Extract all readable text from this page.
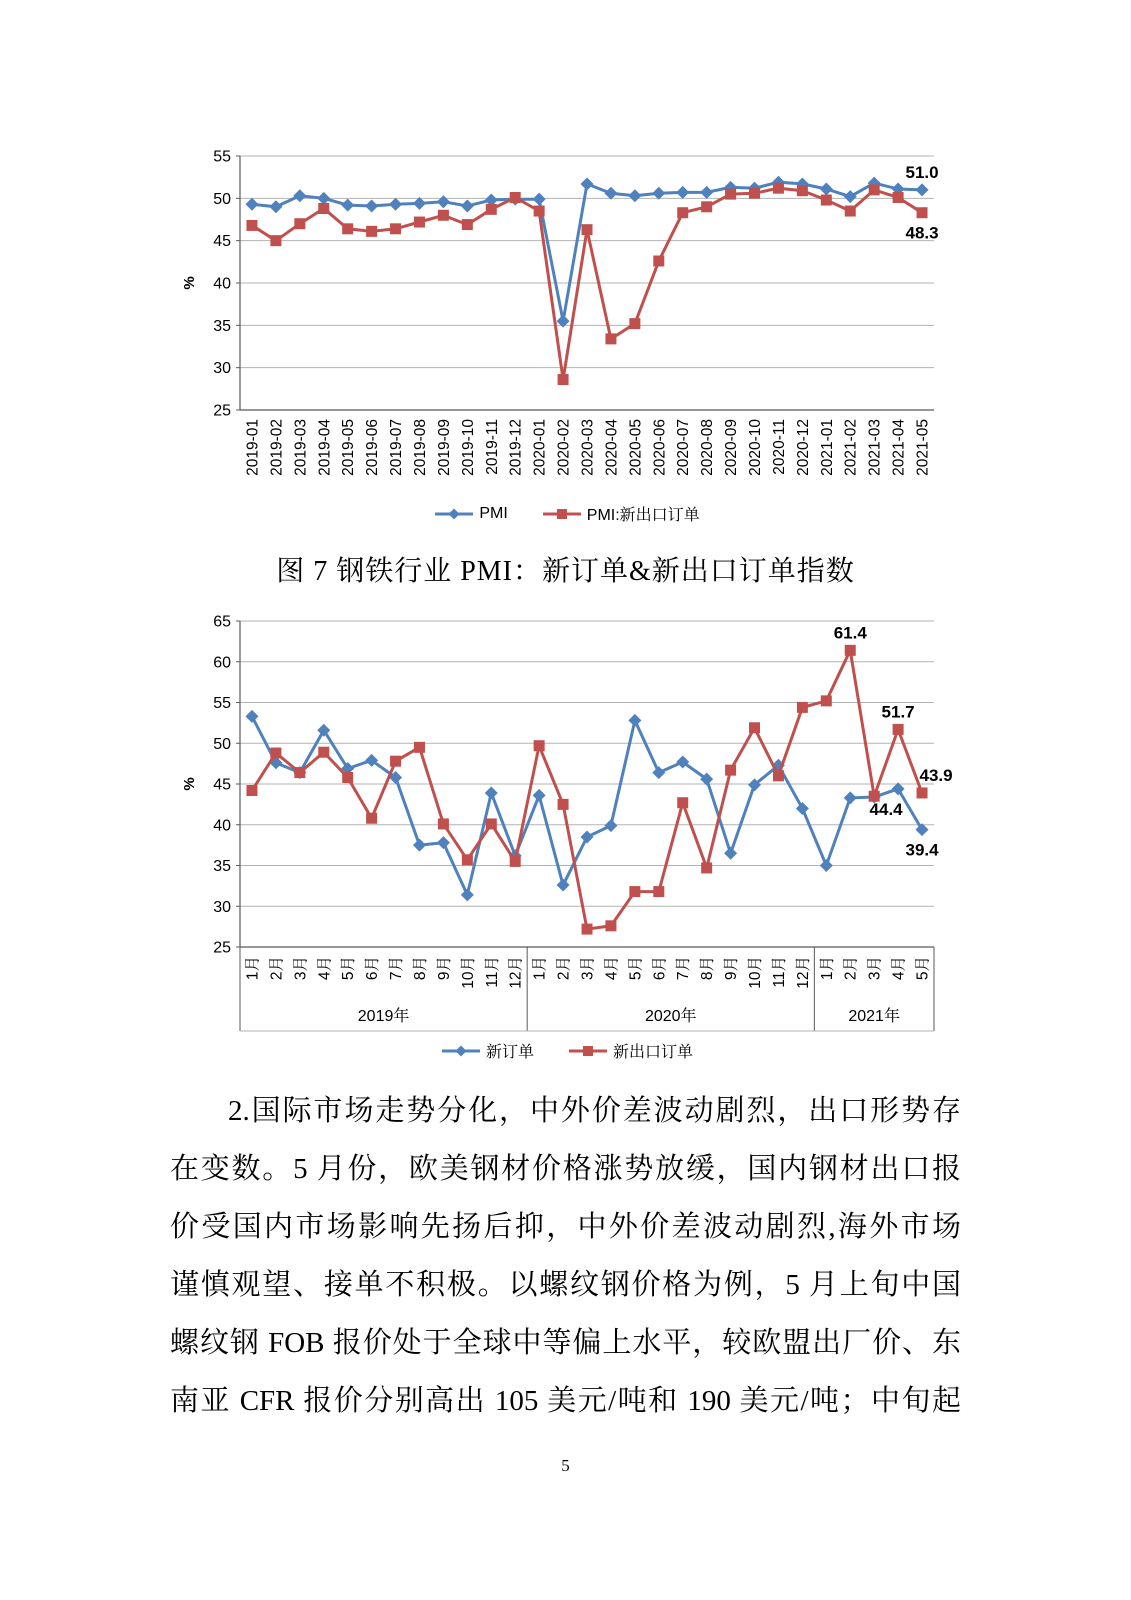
25
30
35
40
45
50
55
%
2019-01 2019-02 2019-03 2019-04 2019-05 2019-06 2019-07 2019-08 2019-09 2019-10 2019-11 2019-12 2020-01 2020-02 2020-03 2020-04 2020-05 2020-06 2020-07 2020-08 2020-09 2020-10 2020-11 2020-12 2021-01 2021-02 2021-03 2021-04 2021-05
51.0
48.3
PMI	PMI:新出口订单
图 7 钢铁行业 PMI：新订单&新出口订单指数
25
30
35
40
45
50
55
60
65
%
1月 2月 3月 4月 5月 6月 7月 8月 9月 10月 11月 12月 1月 2月 3月 4月 5月 6月 7月 8月 9月 10月 11月 12月 1月 2月 3月 4月 5月
2019年	2020年	2021年
61.4
51.7
43.9
44.4
39.4
新订单	新出口订单
2.国际市场走势分化，中外价差波动剧烈，出口形势存
在变数。5 月份，欧美钢材价格涨势放缓，国内钢材出口报
价受国内市场影响先扬后抑，中外价差波动剧烈,海外市场
谨慎观望、接单不积极。以螺纹钢价格为例，5 月上旬中国
螺纹钢 FOB 报价处于全球中等偏上水平，较欧盟出厂价、东
南亚 CFR 报价分别高出 105 美元/吨和 190 美元/吨；中旬起
5
